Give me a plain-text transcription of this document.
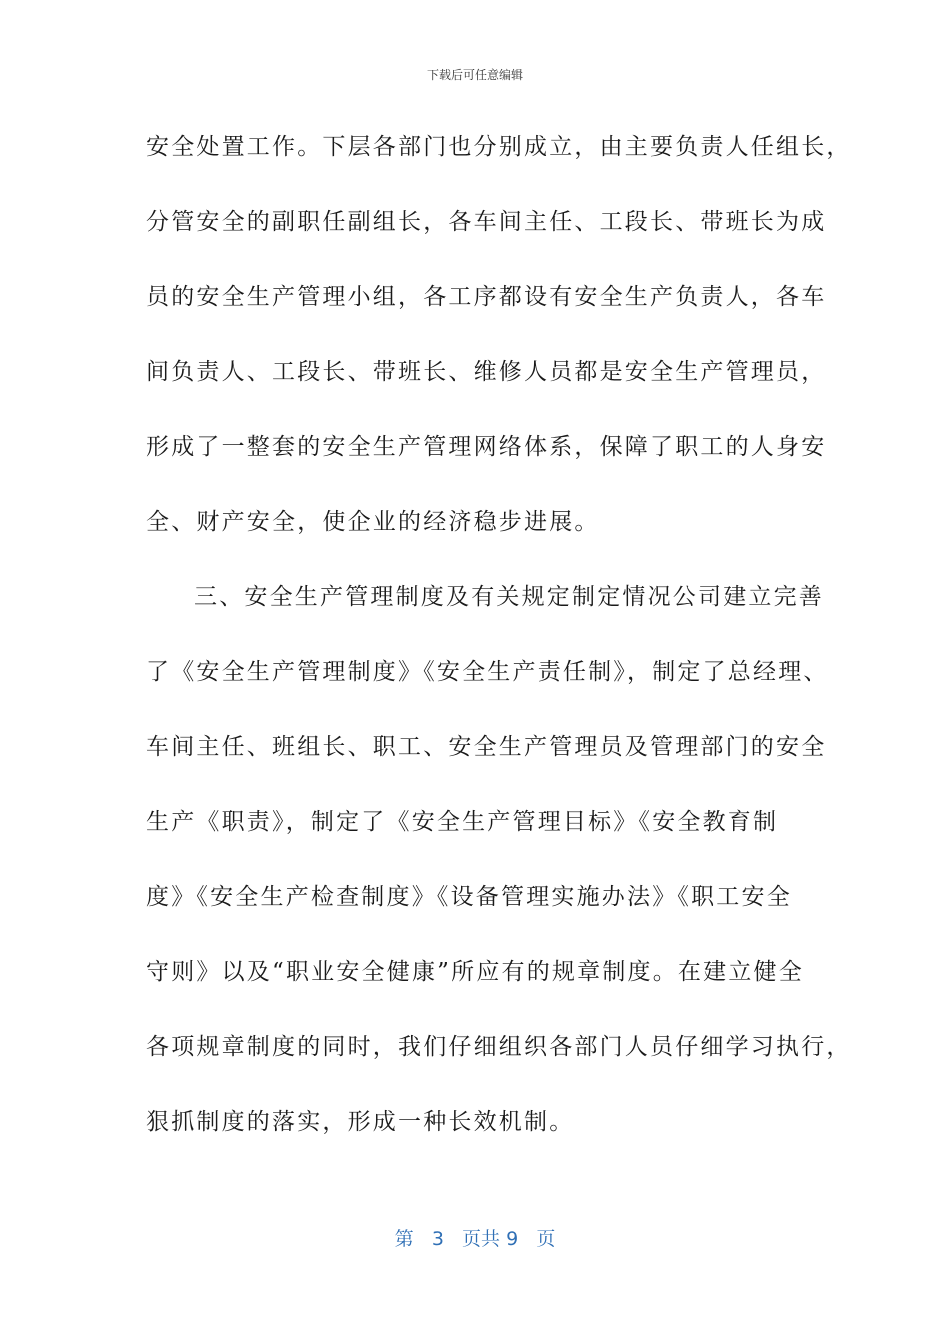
下载后可任意编辑
安全处置工作。下层各部门也分别成立，由主要负责人任组长，
分管安全的副职任副组长，各车间主任、工段长、带班长为成
员的安全生产管理小组，各工序都设有安全生产负责人，各车
间负责人、工段长、带班长、维修人员都是安全生产管理员，
形成了一整套的安全生产管理网络体系，保障了职工的人身安
全、财产安全，使企业的经济稳步进展。
三、安全生产管理制度及有关规定制定情况公司建立完善
了《安全生产管理制度》《安全生产责任制》，制定了总经理、
车间主任、班组长、职工、安全生产管理员及管理部门的安全
生产《职责》，制定了《安全生产管理目标》《安全教育制
度》《安全生产检查制度》《设备管理实施办法》《职工安全
守则》以及“职业安全健康”所应有的规章制度。在建立健全
各项规章制度的同时，我们仔细组织各部门人员仔细学习执行，
狠抓制度的落实，形成一种长效机制。
第 3 页共 9 页
